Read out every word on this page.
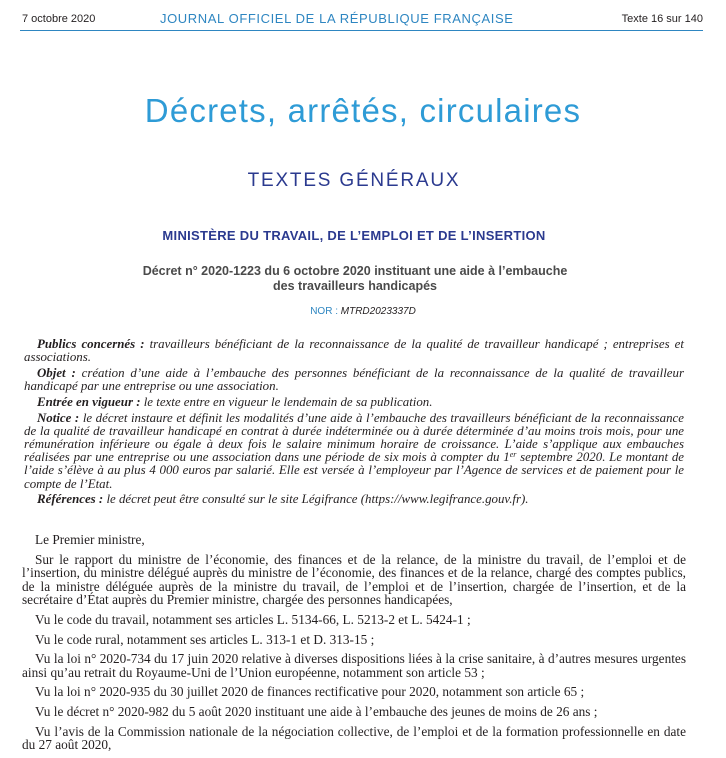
7 octobre 2020	JOURNAL OFFICIEL DE LA RÉPUBLIQUE FRANÇAISE	Texte 16 sur 140
Décrets, arrêtés, circulaires
TEXTES GÉNÉRAUX
MINISTÈRE DU TRAVAIL, DE L’EMPLOI ET DE L’INSERTION
Décret n° 2020-1223 du 6 octobre 2020 instituant une aide à l’embauche
des travailleurs handicapés
NOR : MTRD2023337D

Publics concernés : travailleurs bénéficiant de la reconnaissance de la qualité de travailleur handicapé ; entreprises et associations.

Objet : création d’une aide à l’embauche des personnes bénéficiant de la reconnaissance de la qualité de travailleur handicapé par une entreprise ou une association.

Entrée en vigueur : le texte entre en vigueur le lendemain de sa publication.

Notice : le décret instaure et définit les modalités d’une aide à l’embauche des travailleurs bénéficiant de la reconnaissance de la qualité de travailleur handicapé en contrat à durée indéterminée ou à durée déterminée d’au moins trois mois, pour une rémunération inférieure ou égale à deux fois le salaire minimum horaire de croissance. L’aide s’applique aux embauches réalisées par une entreprise ou une association dans une période de six mois à compter du 1er septembre 2020. Le montant de l’aide s’élève à au plus 4 000 euros par salarié. Elle est versée à l’employeur par l’Agence de services et de paiement pour le compte de l’Etat.

Références : le décret peut être consulté sur le site Légifrance (https://www.legifrance.gouv.fr).

Le Premier ministre,

Sur le rapport du ministre de l’économie, des finances et de la relance, de la ministre du travail, de l’emploi et de l’insertion, du ministre délégué auprès du ministre de l’économie, des finances et de la relance, chargé des comptes publics, de la ministre déléguée auprès de la ministre du travail, de l’emploi et de l’insertion, chargée de l’insertion, et de la secrétaire d’État auprès du Premier ministre, chargée des personnes handicapées,

Vu le code du travail, notamment ses articles L. 5134-66, L. 5213-2 et L. 5424-1 ;

Vu le code rural, notamment ses articles L. 313-1 et D. 313-15 ;

Vu la loi n° 2020-734 du 17 juin 2020 relative à diverses dispositions liées à la crise sanitaire, à d’autres mesures urgentes ainsi qu’au retrait du Royaume-Uni de l’Union européenne, notamment son article 53 ;

Vu la loi n° 2020-935 du 30 juillet 2020 de finances rectificative pour 2020, notamment son article 65 ;

Vu le décret n° 2020-982 du 5 août 2020 instituant une aide à l’embauche des jeunes de moins de 26 ans ;

Vu l’avis de la Commission nationale de la négociation collective, de l’emploi et de la formation professionnelle en date du 27 août 2020,
